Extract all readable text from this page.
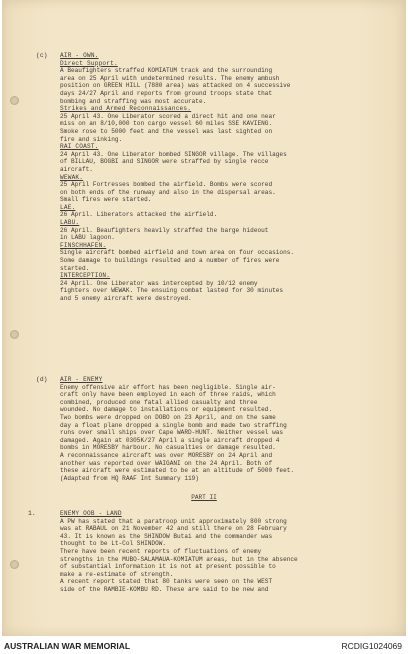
(c) AIR - OWN.
Direct Support.
A Beaufighters straffed KOMIATUM track and the surrounding
area on 25 April with undetermined results. The enemy ambush
position on GREEN HILL (7880 area) was attacked on 4 successive
days 24/27 April and reports from ground troops state that
bombing and straffing was most accurate.
Strikes and Armed Reconnaissances.
25 April 43. One Liberator scored a direct hit and one near
miss on an 8/10,000 ton cargo vessel 60 miles SSE KAVIENG.
Smoke rose to 5000 feet and the vessel was last sighted on
fire and sinking.
RAI COAST.
24 April 43. One Liberator bombed SINGOR village. The villages
of BILLAU, BOGBI and SINGOR were straffed by single recce
aircraft.
WEWAK.
25 April Fortresses bombed the airfield. Bombs were scored
on both ends of the runway and also in the dispersal areas.
Small fires were started.
LAE.
26 April. Liberators attacked the airfield.
LABU.
26 April. Beaufighters heavily straffed the barge hideout
in LABU lagoon.
FINSCHHAFEN.
Single aircraft bombed airfield and town area on four occasions.
Some damage to buildings resulted and a number of fires were
started.
INTERCEPTION.
24 April. One Liberator was intercepted by 10/12 enemy
fighters over WEWAK. The ensuing combat lasted for 30 minutes
and 5 enemy aircraft were destroyed.
(d) AIR - ENEMY
Enemy offensive air effort has been negligible. Single air-
craft only have been employed in each of three raids, which
combined, produced one fatal allied casualty and three
wounded. No damage to installations or equipment resulted.
Two bombs were dropped on DOBO on 23 April, and on the same
day a float plane dropped a single bomb and made two straffing
runs over small ships over Cape WARD-HUNT. Neither vessel was
damaged. Again at 0305K/27 April a single aircraft dropped 4
bombs in MORESBY harbour. No casualties or damage resulted.
A reconnaissance aircraft was over MORESBY on 24 April and
another was reported over WAIGANI on the 24 April. Both of
these aircraft were estimated to be at an altitude of 5000 feet.
(Adapted from HQ RAAF Int Summary 119)
PART II
1.	ENEMY OOB - LAND
A PW has stated that a paratroop unit approximately 800 strong
was at RABAUL on 21 November 42 and still there on 28 February
43. It is known as the SHINDOW Butai and the commander was
thought to be Lt-Col SHINDOW.
There have been recent reports of fluctuations of enemy
strengths in the MUBO-SALAMAUA-KOMIATUM areas, but in the absence
of substantial information it is not at present possible to
make a re-estimate of strength.
A recent report stated that 80 tanks were seen on the WEST
side of the RAMBIE-KOMBU RD. These are said to be new and
AUSTRALIAN WAR MEMORIAL	RCDIG1024069
